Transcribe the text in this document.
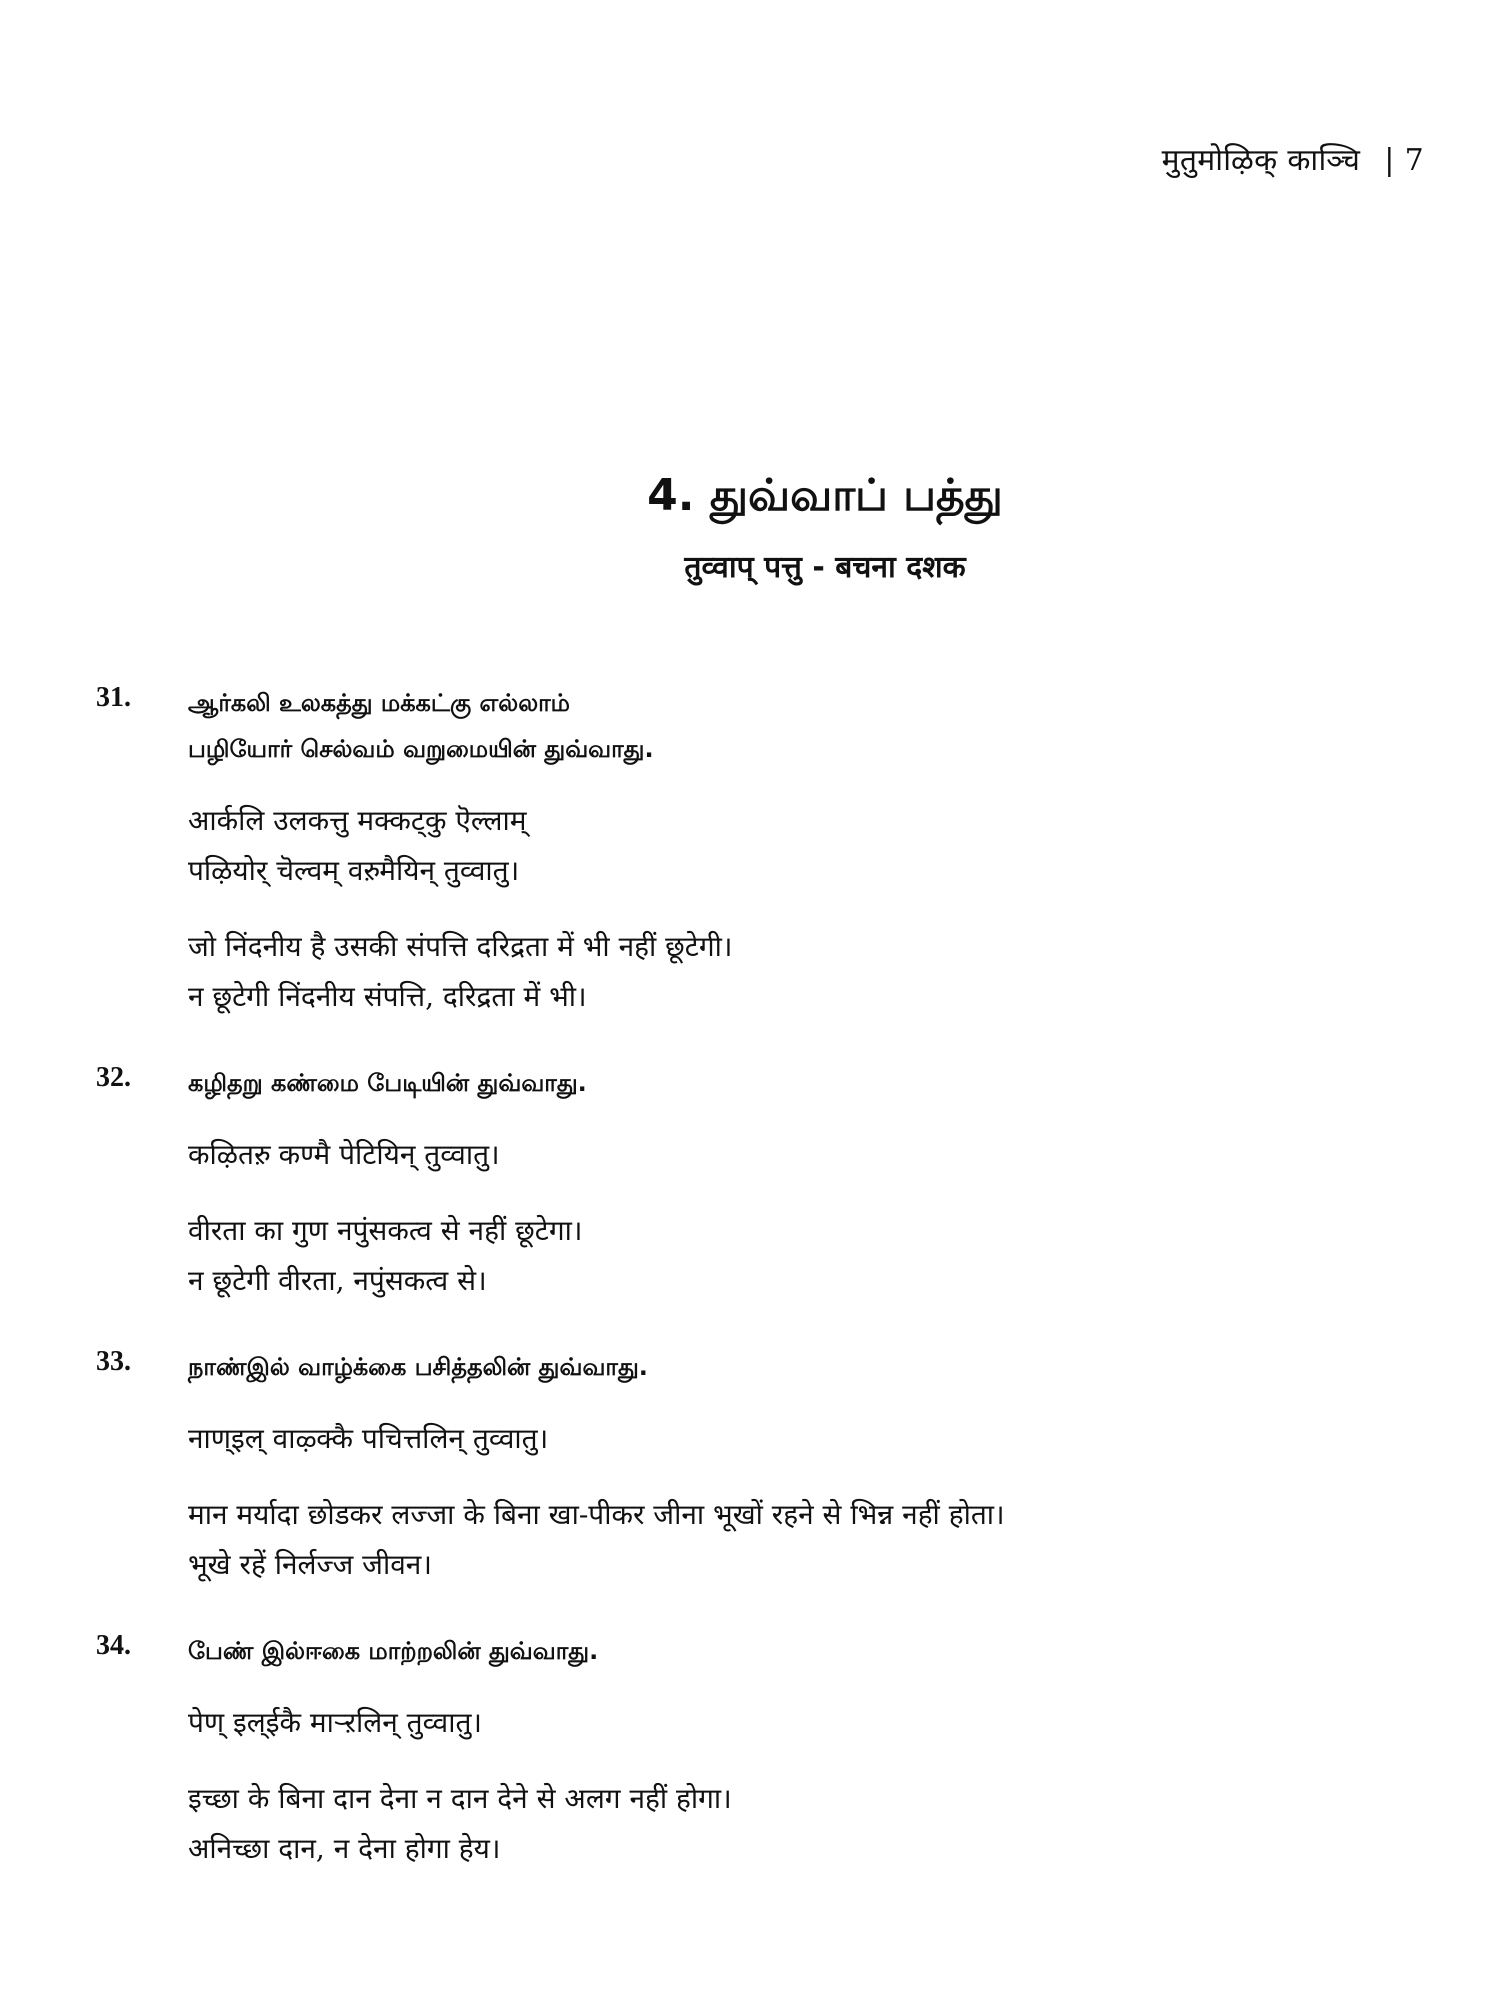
मुतुमोऴिक् काञ्चि | 7
4. துவ்வாப் பத்து
तुव्वाप् पत्तु - बचना दशक
31. ஆர்கலி உலகத்து மக்கட்கு எல்லாம்
பழியோர் செல்வம் வறுமையின் துவ்வாது.
आर्कलि उलकत्तु मक्कट्कु ऎल्लाम्
पऴियोर् चॆल्वम् वऱुमैयिन् तुव्वातु।
जो निंदनीय है उसकी संपत्ति दरिद्रता में भी नहीं छूटेगी।
न छूटेगी निंदनीय संपत्ति, दरिद्रता में भी।
32. கழிதறு கண்மை பேடியின் துவ்வாது.
कऴितऱु कण्मै पेटियिन् तुव्वातु।
वीरता का गुण नपुंसकत्व से नहीं छूटेगा।
न छूटेगी वीरता, नपुंसकत्व से।
33. நாண்இல் வாழ்க்கை பசித்தலின் துவ்வாது.
नाण्इल् वाऴ्क्कै पचित्तलिन् तुव्वातु।
मान मर्यादा छोडकर लज्जा के बिना खा-पीकर जीना भूखों रहने से भिन्न नहीं होता।
भूखे रहें निर्लज्ज जीवन।
34. பேண் இல்ஈகை மாற்றலின் துவ்வாது.
पेण् इल्ईकै माऱ्ऱलिन् तुव्वातु।
इच्छा के बिना दान देना न दान देने से अलग नहीं होगा।
अनिच्छा दान, न देना होगा हेय।
